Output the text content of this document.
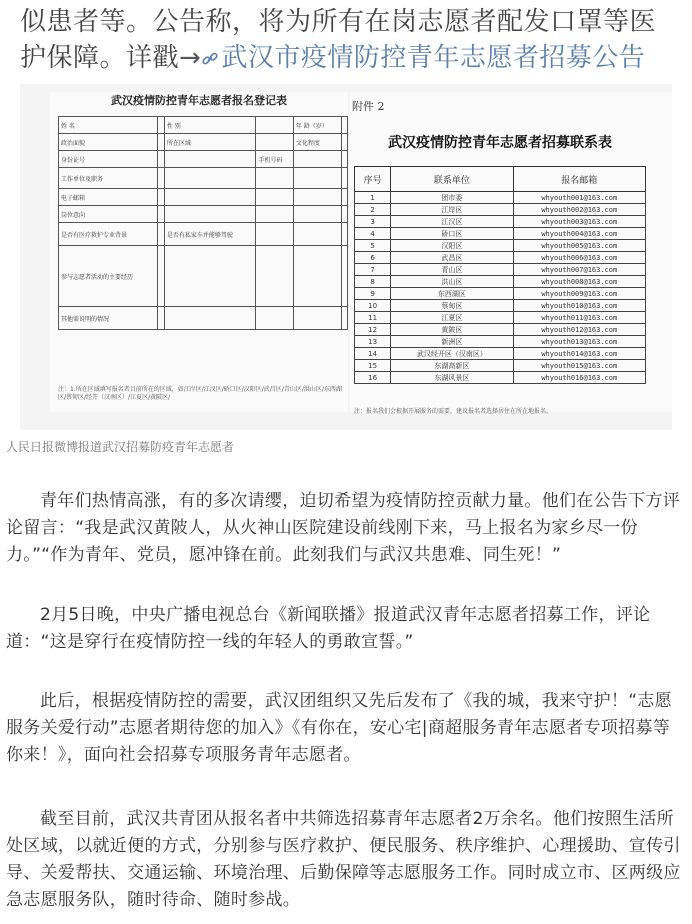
似患者等。公告称，将为所有在岗志愿者配发口罩等医
护保障。详戳→ 武汉市疫情防控青年志愿者招募公告
武汉疫情防控青年志愿者报名登记表
姓 名		性 别		年 龄（岁）	
政治面貌		所在区域		文化程度	
身份证号			手机号码		
工作单位及职务					
电子邮箱					
岗位意向					
是否有医疗救护专业背景		是否有私家车并能够驾驶			
参与志愿者活动的主要经历					
其他需说明的情况					
注：1.所在区域填写报名者目前所在的区域，如江岸区/江汉区/硚口区/汉阳区/武昌区/青山区/洪山区/东西湖区/蔡甸区/经开（汉南区）/江夏区/黄陂区/
附件 2
武汉疫情防控青年志愿者招募联系表
序号	联系单位	报名邮箱
1	团市委	whyouth001@163.com
2	江岸区	whyouth002@163.com
3	江汉区	whyouth003@163.com
4	硚口区	whyouth004@163.com
5	汉阳区	whyouth005@163.com
6	武昌区	whyouth006@163.com
7	青山区	whyouth007@163.com
8	洪山区	whyouth008@163.com
9	东西湖区	whyouth009@163.com
10	蔡甸区	whyouth010@163.com
11	江夏区	whyouth011@163.com
12	黄陂区	whyouth012@163.com
13	新洲区	whyouth013@163.com
14	武汉经开区（汉南区）	whyouth014@163.com
15	东湖高新区	whyouth015@163.com
16	东湖风景区	whyouth016@163.com
注：报名我们会根据开展服务的需要，建议报名者选择居住在所在地报名。
人民日报微博报道武汉招募防疫青年志愿者

青年们热情高涨，有的多次请缨，迫切希望为疫情防控贡献力量。他们在公告下方评论留言：“我是武汉黄陂人，从火神山医院建设前线刚下来，马上报名为家乡尽一份力。”“作为青年、党员，愿冲锋在前。此刻我们与武汉共患难、同生死！”

2月5日晚，中央广播电视总台《新闻联播》报道武汉青年志愿者招募工作，评论道：“这是穿行在疫情防控一线的年轻人的勇敢宣誓。”

此后，根据疫情防控的需要，武汉团组织又先后发布了《我的城，我来守护！“志愿服务关爱行动”志愿者期待您的加入》《有你在，安心宅|商超服务青年志愿者专项招募等你来！》，面向社会招募专项服务青年志愿者。

截至目前，武汉共青团从报名者中共筛选招募青年志愿者2万余名。他们按照生活所处区域，以就近便的方式，分别参与医疗救护、便民服务、秩序维护、心理援助、宣传引导、关爱帮扶、交通运输、环境治理、后勤保障等志愿服务工作。同时成立市、区两级应急志愿服务队，随时待命、随时参战。
